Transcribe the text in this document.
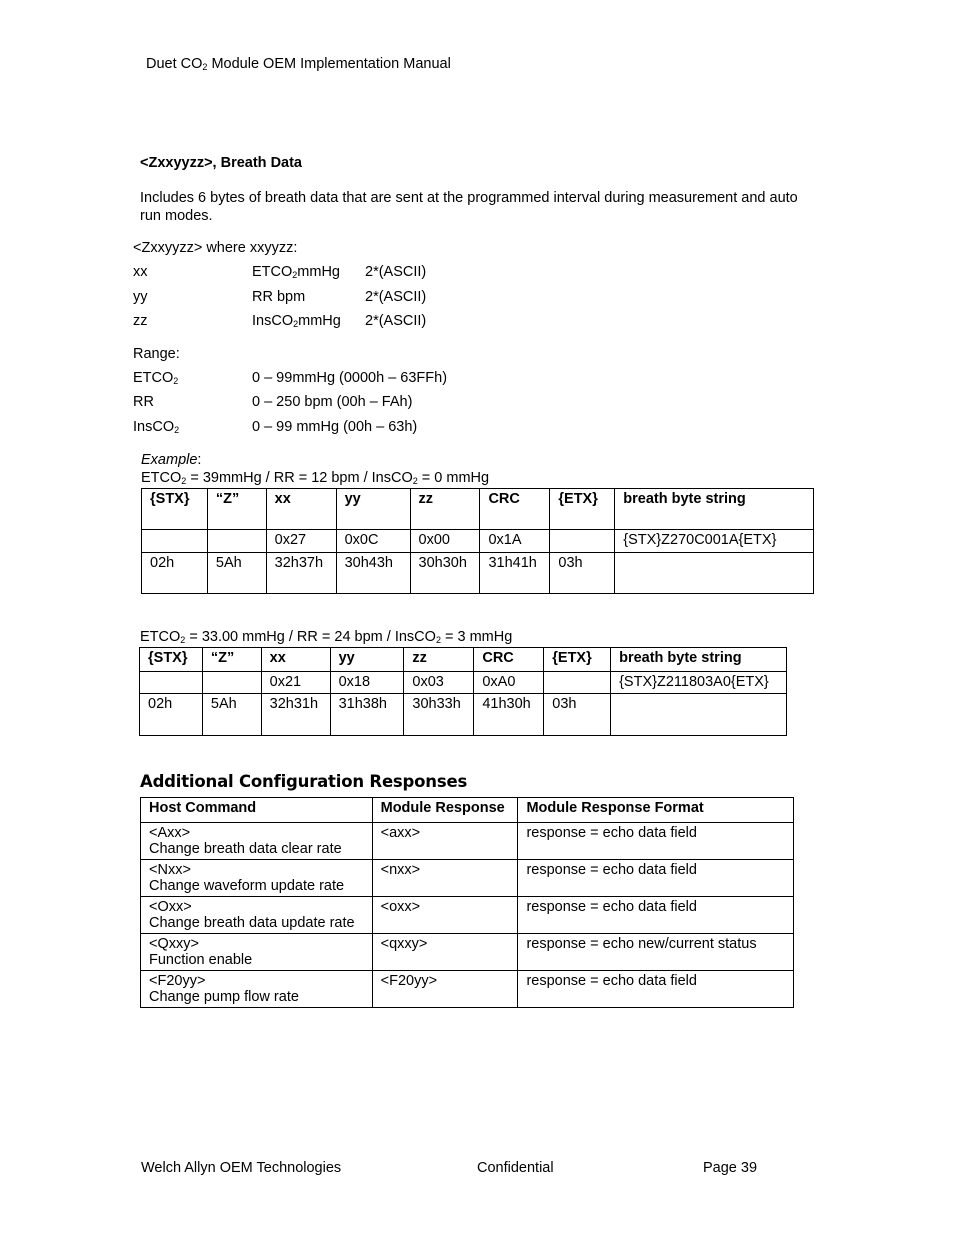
Duet $CO_2$ Module OEM Implementation Manual
<Zxxyyzz>, Breath Data
Includes 6 bytes of breath data that are sent at the programmed interval during measurement and auto run modes.
<Zxxyyzz> where xxyyzz:
xx	$ETCO_2mmHg$ 2*(ASCII)
yy	RR bpm	2*(ASCII)
zz	InsCO$_2$mmHg 2*(ASCII)
Range:
$ETCO_2$	0 – 99mmHg (0000h – 63FFh)
RR	0 – 250 bpm (00h – FAh)
InsCO$_2$	0 – 99 mmHg (00h – 63h)
Example:
$ETCO_2$ = 39mmHg / RR = 12 bpm / InsCO$_2$ = 0 mmHg
{STX}	“Z”	xx	yy	zz	CRC	{ETX}	breath byte string
		0x27	0x0C	0x00	0x1A		{STX}Z270C001A{ETX}
02h	5Ah	32h37h	30h43h	30h30h	31h41h	03h	
$ETCO_2 = 33.00$ mmHg / RR = 24 bpm / InsCO$_2$ = 3 mmHg
{STX}	“Z”	xx	yy	zz	CRC	{ETX}	breath byte string
		0x21	0x18	0x03	0xA0		{STX}Z211803A0{ETX}
02h	5Ah	32h31h	31h38h	30h33h	41h30h	03h	
Additional Configuration Responses
Host Command	Module Response	Module Response Format

<Axx>
Change breath data clear rate	<axx>	response = echo data field

<Nxx>
Change waveform update rate	<nxx>	response = echo data field

<Oxx>
Change breath data update rate	<oxx>	response = echo data field

<Qxxy>
Function enable	<qxxy>	response = echo new/current status

<F20yy>
Change pump flow rate	<F20yy>	response = echo data field
Welch Allyn OEM Technologies	Confidential	Page 39
